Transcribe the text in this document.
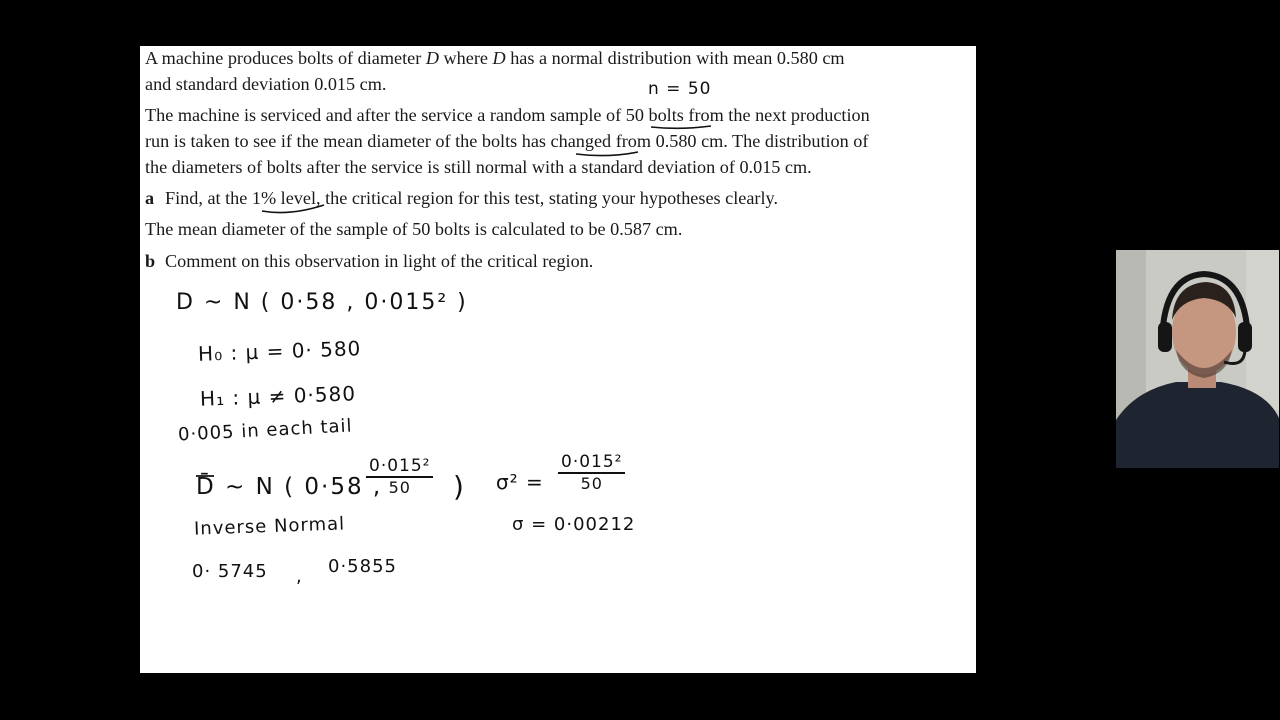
A machine produces bolts of diameter D where D has a normal distribution with mean 0.580 cm
and standard deviation 0.015 cm.
The machine is serviced and after the service a random sample of 50 bolts from the next production
run is taken to see if the mean diameter of the bolts has changed from 0.580 cm. The distribution of
the diameters of bolts after the service is still normal with a standard deviation of 0.015 cm.
a Find, at the 1% level, the critical region for this test, stating your hypotheses clearly.
The mean diameter of the sample of 50 bolts is calculated to be 0.587 cm.
b Comment on this observation in light of the critical region.
n = 50
D ~ N ( 0·58 , 0·015² )
H₀ : μ = 0· 580
H₁ : μ ≠ 0·580
0·005 in each tail
D̄ ~ N ( 0·58 ,
$\frac{\text{0·015²}}{50}$ ) $\sigma^2 = \frac{\text{0·015²}}{50}$
Inverse Normal	σ = 0·00212
0· 5745 , 0·5855
